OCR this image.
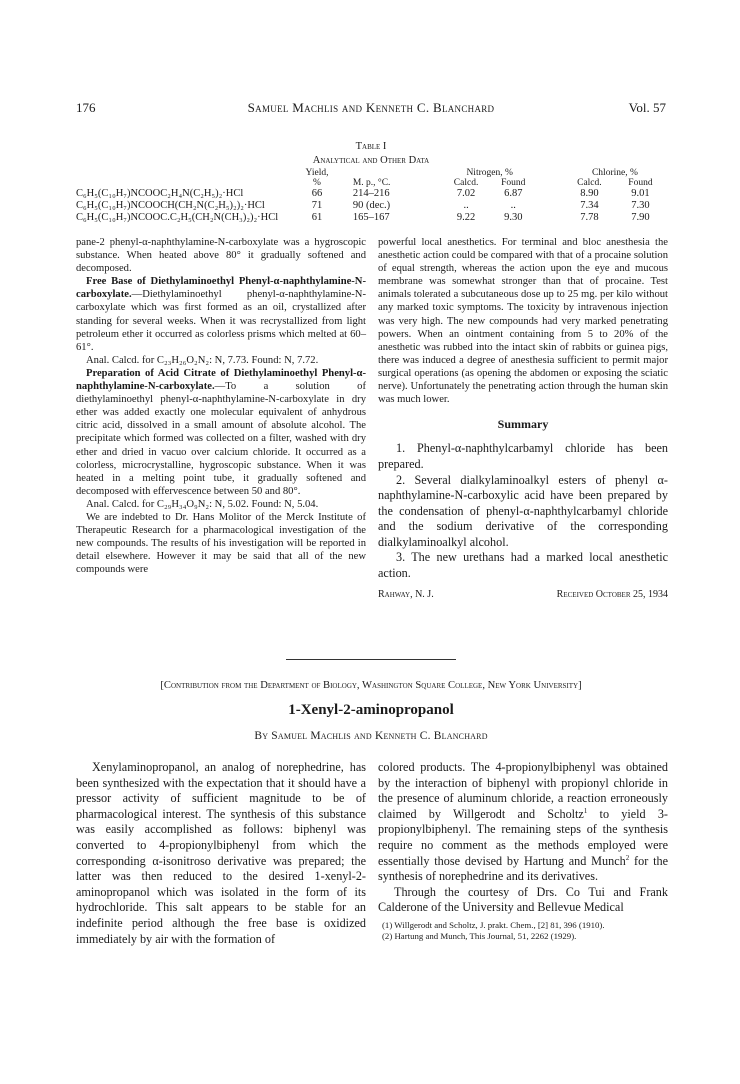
176	Samuel Machlis and Kenneth C. Blanchard	Vol. 57
Table I
Analytical and Other Data
	Yield,		Nitrogen, %			Chlorine, %	
	%	M. p., °C.	Calcd.	Found		Calcd.	Found
C₆H₅(C₁₀H₇)NCOOC₂H₄N(C₂H₅)₂·HCl	66	214–216	7.02	6.87		8.90	9.01
C₆H₅(C₁₀H₇)NCOOCH(CH₂N(C₂H₅)₂)₂·HCl	71	90 (dec.)	..	..		7.34	7.30
C₆H₅(C₁₀H₇)NCOOC.C₂H₅(CH₂N(CH₃)₂)₂·HCl	61	165–167	9.22	9.30		7.78	7.90

pane-2 phenyl-α-naphthylamine-N-carboxylate was a hygroscopic substance. When heated above 80° it gradually softened and decomposed.

Free Base of Diethylaminoethyl Phenyl-α-naphthylamine-N-carboxylate.—Diethylaminoethyl phenyl-α-naphthylamine-N-carboxylate which was first formed as an oil, crystallized after standing for several weeks. When it was recrystallized from light petroleum ether it occurred as colorless prisms which melted at 60–61°.

Anal. Calcd. for C₂₃H₂₆O₂N₂: N, 7.73. Found: N, 7.72.

Preparation of Acid Citrate of Diethylaminoethyl Phenyl-α-naphthylamine-N-carboxylate.—To a solution of diethylaminoethyl phenyl-α-naphthylamine-N-carboxylate in dry ether was added exactly one molecular equivalent of anhydrous citric acid, dissolved in a small amount of absolute alcohol. The precipitate which formed was collected on a filter, washed with dry ether and dried in vacuo over calcium chloride. It occurred as a colorless, microcrystalline, hygroscopic substance. When it was heated in a melting point tube, it gradually softened and decomposed with effervescence between 50 and 80°.

Anal. Calcd. for C₂₉H₃₄O₉N₂: N, 5.02. Found: N, 5.04.

We are indebted to Dr. Hans Molitor of the Merck Institute of Therapeutic Research for a pharmacological investigation of the new compounds. The results of his investigation will be reported in detail elsewhere. However it may be said that all of the new compounds were

powerful local anesthetics. For terminal and bloc anesthesia the anesthetic action could be compared with that of a procaine solution of equal strength, whereas the action upon the eye and mucous membrane was somewhat stronger than that of procaine. Test animals tolerated a subcutaneous dose up to 25 mg. per kilo without any marked toxic symptoms. The toxicity by intravenous injection was very high. The new compounds had very marked penetrating powers. When an ointment containing from 5 to 20% of the anesthetic was rubbed into the intact skin of rabbits or guinea pigs, there was induced a degree of anesthesia sufficient to permit major surgical operations (as opening the abdomen or exposing the sciatic nerve). Unfortunately the penetrating action through the human skin was much lower.

Summary

1. Phenyl-α-naphthylcarbamyl chloride has been prepared.

2. Several dialkylaminoalkyl esters of phenyl α-naphthylamine-N-carboxylic acid have been prepared by the condensation of phenyl-α-naphthylcarbamyl chloride and the sodium derivative of the corresponding dialkylaminoalkyl alcohol.

3. The new urethans had a marked local anesthetic action.

Rahway, N. J.	Received October 25, 1934
[Contribution from the Department of Biology, Washington Square College, New York University]
1-Xenyl-2-aminopropanol
By Samuel Machlis and Kenneth C. Blanchard

Xenylaminopropanol, an analog of norephedrine, has been synthesized with the expectation that it should have a pressor activity of sufficient magnitude to be of pharmacological interest. The synthesis of this substance was easily accomplished as follows: biphenyl was converted to 4-propionylbiphenyl from which the corresponding α-isonitroso derivative was prepared; the latter was then reduced to the desired 1-xenyl-2-aminopropanol which was isolated in the form of its hydrochloride. This salt appears to be stable for an indefinite period although the free base is oxidized immediately by air with the formation of

colored products. The 4-propionylbiphenyl was obtained by the interaction of biphenyl with propionyl chloride in the presence of aluminum chloride, a reaction erroneously claimed by Willgerodt and Scholtz$^1$ to yield 3-propionylbiphenyl. The remaining steps of the synthesis require no comment as the methods employed were essentially those devised by Hartung and Munch$^2$ for the synthesis of norephedrine and its derivatives.

Through the courtesy of Drs. Co Tui and Frank Calderone of the University and Bellevue Medical

(1) Willgerodt and Scholtz, J. prakt. Chem., [2] 81, 396 (1910).
(2) Hartung and Munch, This Journal, 51, 2262 (1929).
